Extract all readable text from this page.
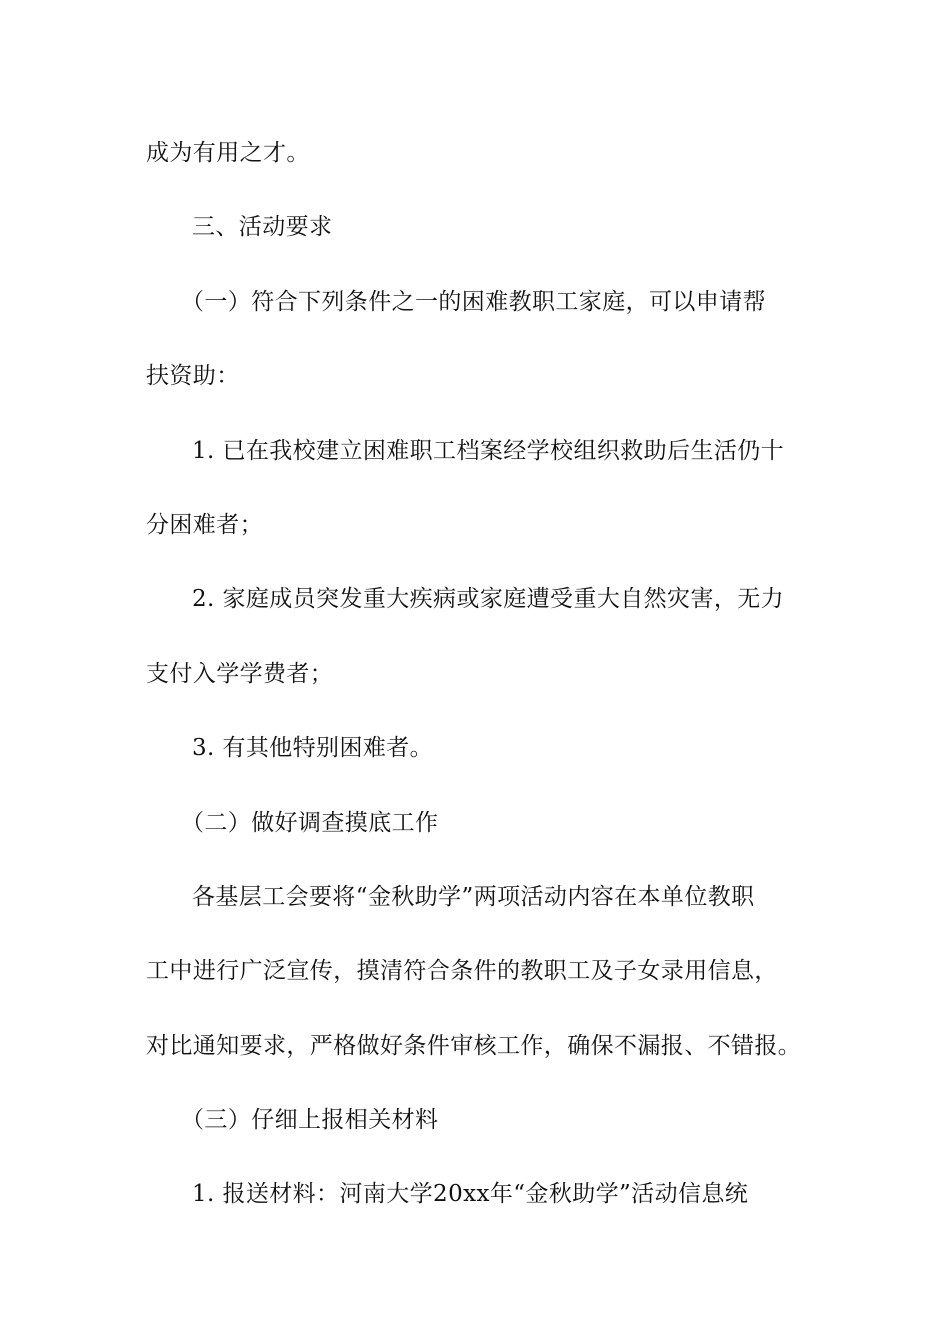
成为有用之才。
三、活动要求
（一）符合下列条件之一的困难教职工家庭，可以申请帮
扶资助：
1. 已在我校建立困难职工档案经学校组织救助后生活仍十
分困难者；
2. 家庭成员突发重大疾病或家庭遭受重大自然灾害，无力
支付入学学费者；
3. 有其他特别困难者。
（二）做好调查摸底工作
各基层工会要将“金秋助学”两项活动内容在本单位教职
工中进行广泛宣传，摸清符合条件的教职工及子女录用信息，
对比通知要求，严格做好条件审核工作，确保不漏报、不错报。
（三）仔细上报相关材料
1. 报送材料：河南大学20xx年“金秋助学”活动信息统
